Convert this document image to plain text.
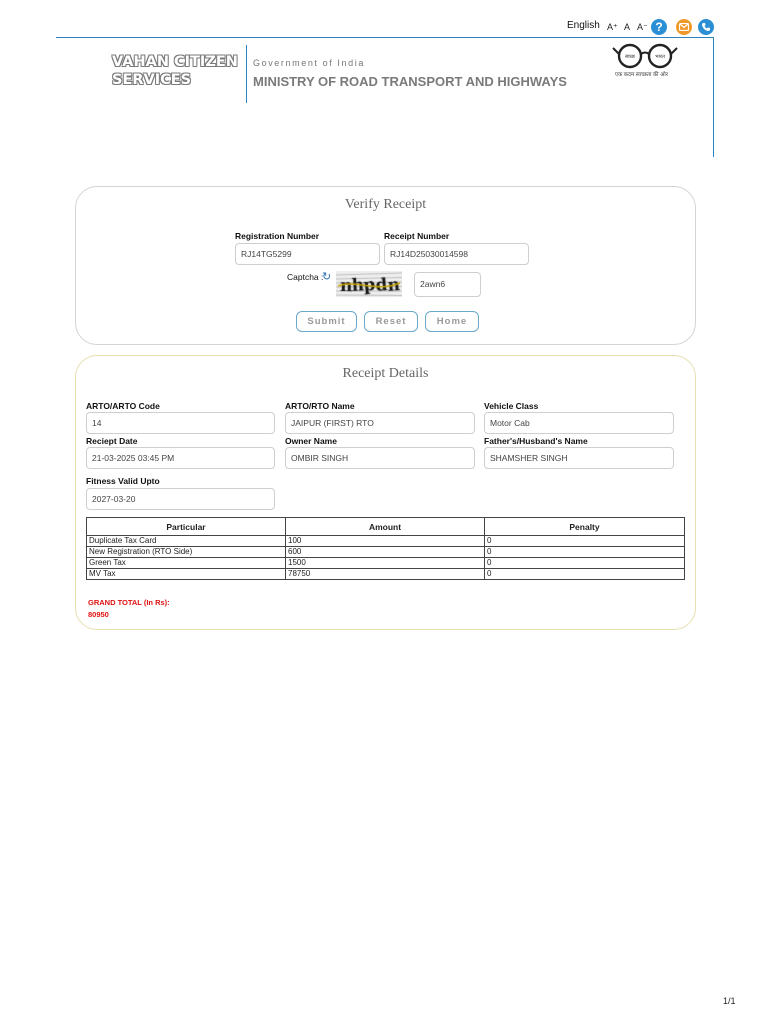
English A⁺ A A⁻ ?
VAHAN CITIZEN
SERVICES
Government of India
MINISTRY OF ROAD TRANSPORT AND HIGHWAYS
स्वच्छ	भारत
एक कदम स्वच्छता की ओर
Verify Receipt
Registration Number
RJ14TG5299
Receipt Number
RJ14D25030014598
Captcha :
↻
2awn6
Submit	Reset	Home
Receipt Details
ARTO/ARTO Code
14
ARTO/RTO Name
JAIPUR (FIRST) RTO
Vehicle Class
Motor Cab
Reciept Date
21-03-2025 03:45 PM
Owner Name
OMBIR SINGH
Father's/Husband's Name
SHAMSHER SINGH
Fitness Valid Upto
2027-03-20
Particular	Amount	Penalty
Duplicate Tax Card	100	0
New Registration (RTO Side)	600	0
Green Tax	1500	0
MV Tax	78750	0
GRAND TOTAL (In Rs):
80950
1/1
